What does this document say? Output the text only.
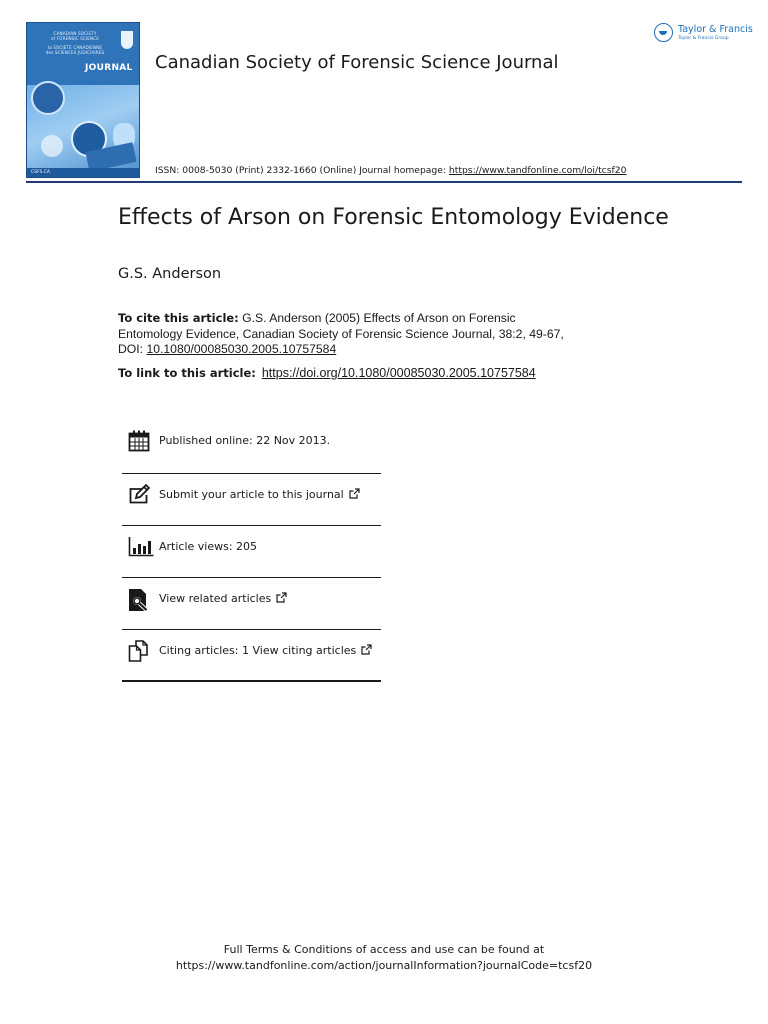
CANADIAN SOCIETY
of FORENSIC SCIENCE
la SOCIÉTÉ CANADIENNE
des SCIENCES JUDICIAIRES
JOURNAL
CSFS.CA
Canadian Society of Forensic Science Journal
Taylor & Francis
Taylor & Francis Group
ISSN: 0008-5030 (Print) 2332-1660 (Online) Journal homepage: https://www.tandfonline.com/loi/tcsf20
Effects of Arson on Forensic Entomology Evidence
G.S. Anderson
To cite this article: G.S. Anderson (2005) Effects of Arson on Forensic Entomology Evidence, Canadian Society of Forensic Science Journal, 38:2, 49-67, DOI: 10.1080/00085030.2005.10757584
To link to this article: https://doi.org/10.1080/00085030.2005.10757584
Published online: 22 Nov 2013.
Submit your article to this journal
Article views: 205
View related articles
Citing articles: 1 View citing articles
Full Terms & Conditions of access and use can be found at
https://www.tandfonline.com/action/journalInformation?journalCode=tcsf20
